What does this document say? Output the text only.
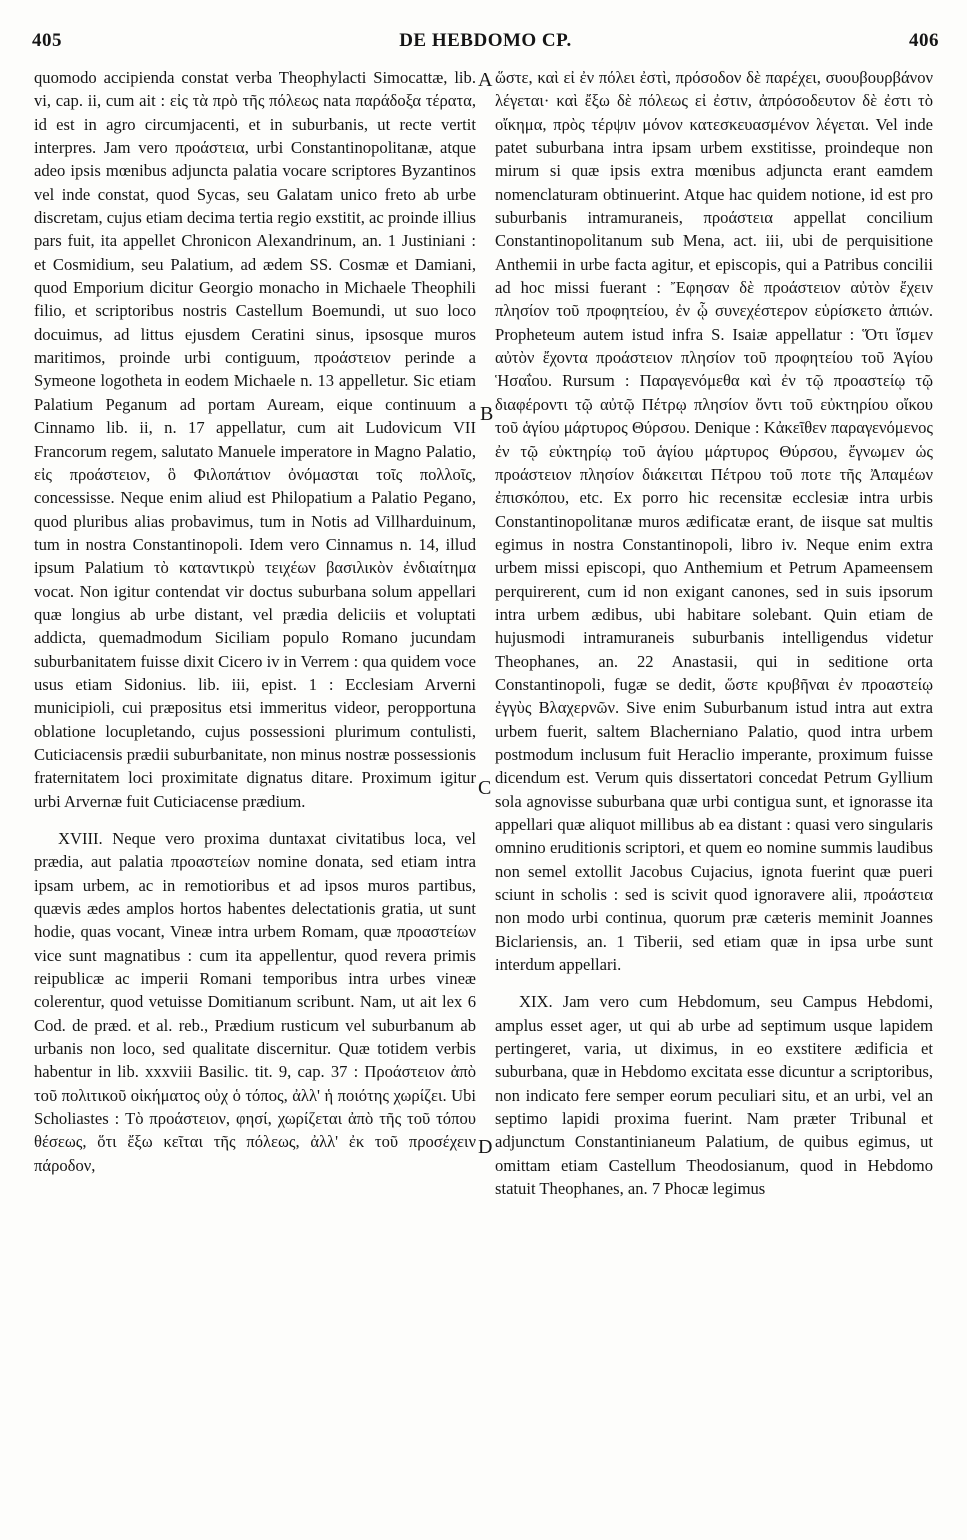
405	DE HEBDOMO CP.	406

quomodo accipienda constat verba Theophylacti Simocattæ, lib. vi, cap. ii, cum ait : εἰς τὰ πρὸ τῆς πόλεως nata παράδοξα τέρατα, id est in agro circumjacenti, et in suburbanis, ut recte vertit interpres. Jam vero προάστεια, urbi Constantinopolitanæ, atque adeo ipsis mœnibus adjuncta palatia vocare scriptores Byzantinos vel inde constat, quod Sycas, seu Galatam unico freto ab urbe discretam, cujus etiam decima tertia regio exstitit, ac proinde illius pars fuit, ita appellet Chronicon Alexandrinum, an. 1 Justiniani : et Cosmidium, seu Palatium, ad ædem SS. Cosmæ et Damiani, quod Emporium dicitur Georgio monacho in Michaele Theophili filio, et scriptoribus nostris Castellum Boemundi, ut suo loco docuimus, ad littus ejusdem Ceratini sinus, ipsosque muros maritimos, proinde urbi contiguum, προάστειον perinde a Symeone logotheta in eodem Michaele n. 13 appelletur. Sic etiam Palatium Peganum ad portam Auream, eique continuum a Cinnamo lib. ii, n. 17 appellatur, cum ait Ludovicum VII Francorum regem, salutato Manuele imperatore in Magno Palatio, εἰς προάστειον, ὃ Φιλοπάτιον ὀνόμασται τοῖς πολλοῖς, concessisse. Neque enim aliud est Philopatium a Palatio Pegano, quod pluribus alias probavimus, tum in Notis ad Villharduinum, tum in nostra Constantinopoli. Idem vero Cinnamus n. 14, illud ipsum Palatium τὸ καταντικρὺ τειχέων βασιλικὸν ἐνδιαίτημα vocat. Non igitur contendat vir doctus suburbana solum appellari quæ longius ab urbe distant, vel prædia deliciis et voluptati addicta, quemadmodum Siciliam populo Romano jucundam suburbanitatem fuisse dixit Cicero iv in Verrem : qua quidem voce usus etiam Sidonius. lib. iii, epist. 1 : Ecclesiam Arverni municipioli, cui præpositus etsi immeritus videor, peropportuna oblatione locupletando, cujus possessioni plurimum contulisti, Cuticiacensis prædii suburbanitate, non minus nostræ possessionis fraternitatem loci proximitate dignatus ditare. Proximum igitur urbi Arvernæ fuit Cuticiacense prædium.

XVIII. Neque vero proxima duntaxat civitatibus loca, vel prædia, aut palatia προαστείων nomine donata, sed etiam intra ipsam urbem, ac in remotioribus et ad ipsos muros partibus, quævis ædes amplos hortos habentes delectationis gratia, ut sunt hodie, quas vocant, Vineæ intra urbem Romam, quæ προαστείων vice sunt magnatibus : cum ita appellentur, quod revera primis reipublicæ ac imperii Romani temporibus intra urbes vineæ colerentur, quod vetuisse Domitianum scribunt. Nam, ut ait lex 6 Cod. de præd. et al. reb., Prædium rusticum vel suburbanum ab urbanis non loco, sed qualitate discernitur. Quæ totidem verbis habentur in lib. xxxviii Basilic. tit. 9, cap. 37 : Προάστειον ἀπὸ τοῦ πολιτικοῦ οἰκήματος οὐχ ὁ τόπος, ἀλλ' ἡ ποιότης χωρίζει. Ubi Scholiastes : Τὸ προάστειον, φησί, χωρίζεται ἀπὸ τῆς τοῦ τόπου θέσεως, ὅτι ἔξω κεῖται τῆς πόλεως, ἀλλ' ἐκ τοῦ προσέχειν πάροδον,

ὥστε, καὶ εἰ ἐν πόλει ἐστὶ, πρόσοδον δὲ παρέχει, συουβουρβάνον λέγεται· καὶ ἔξω δὲ πόλεως εἰ ἐστιν, ἀπρόσοδευτον δὲ ἐστι τὸ οἴκημα, πρὸς τέρψιν μόνον κατεσκευασμένον λέγεται. Vel inde patet suburbana intra ipsam urbem exstitisse, proindeque non mirum si quæ ipsis extra mœnibus adjuncta erant eamdem nomenclaturam obtinuerint. Atque hac quidem notione, id est pro suburbanis intramuraneis, προάστεια appellat concilium Constantinopolitanum sub Mena, act. iii, ubi de perquisitione Anthemii in urbe facta agitur, et episcopis, qui a Patribus concilii ad hoc missi fuerant : Ἔφησαν δὲ προάστειον αὐτὸν ἔχειν πλησίον τοῦ προφητείου, ἐν ᾧ συνεχέστερον εὑρίσκετο ἀπιών. Propheteum autem istud infra S. Isaiæ appellatur : Ὅτι ἴσμεν αὐτὸν ἔχοντα προάστειον πλησίον τοῦ προφητείου τοῦ Ἁγίου Ἡσαΐου. Rursum : Παραγενόμεθα καὶ ἐν τῷ προαστείῳ τῷ διαφέροντι τῷ αὐτῷ Πέτρῳ πλησίον ὄντι τοῦ εὐκτηρίου οἴκου τοῦ ἁγίου μάρτυρος Θύρσου. Denique : Κἀκεῖθεν παραγενόμενος ἐν τῷ εὐκτηρίῳ τοῦ ἁγίου μάρτυρος Θύρσου, ἔγνωμεν ὡς προάστειον πλησίον διάκειται Πέτρου τοῦ ποτε τῆς Ἀπαμέων ἐπισκόπου, etc. Ex porro hic recensitæ ecclesiæ intra urbis Constantinopolitanæ muros ædificatæ erant, de iisque sat multis egimus in nostra Constantinopoli, libro iv. Neque enim extra urbem missi episcopi, quo Anthemium et Petrum Apameensem perquirerent, cum id non exigant canones, sed in suis ipsorum intra urbem ædibus, ubi habitare solebant. Quin etiam de hujusmodi intramuraneis suburbanis intelligendus videtur Theophanes, an. 22 Anastasii, qui in seditione orta Constantinopoli, fugæ se dedit, ὥστε κρυβῆναι ἐν προαστείῳ ἐγγὺς Βλαχερνῶν. Sive enim Suburbanum istud intra aut extra urbem fuerit, saltem Blacherniano Palatio, quod intra urbem postmodum inclusum fuit Heraclio imperante, proximum fuisse dicendum est. Verum quis dissertatori concedat Petrum Gyllium sola agnovisse suburbana quæ urbi contigua sunt, et ignorasse ita appellari quæ aliquot millibus ab ea distant : quasi vero singularis omnino eruditionis scriptori, et quem eo nomine summis laudibus non semel extollit Jacobus Cujacius, ignota fuerint quæ pueri sciunt in scholis : sed is scivit quod ignoravere alii, προάστεια non modo urbi continua, quorum præ cæteris meminit Joannes Biclariensis, an. 1 Tiberii, sed etiam quæ in ipsa urbe sunt interdum appellari.

XIX. Jam vero cum Hebdomum, seu Campus Hebdomi, amplus esset ager, ut qui ab urbe ad septimum usque lapidem pertingeret, varia, ut diximus, in eo exstitere ædificia et suburbana, quæ in Hebdomo excitata esse dicuntur a scriptoribus, non indicato fere semper eorum peculiari situ, et an urbi, vel an septimo lapidi proxima fuerint. Nam præter Tribunal et adjunctum Constantinianeum Palatium, de quibus egimus, ut omittam etiam Castellum Theodosianum, quod in Hebdomo statuit Theophanes, an. 7 Phocæ legimus

A
B
C
D
